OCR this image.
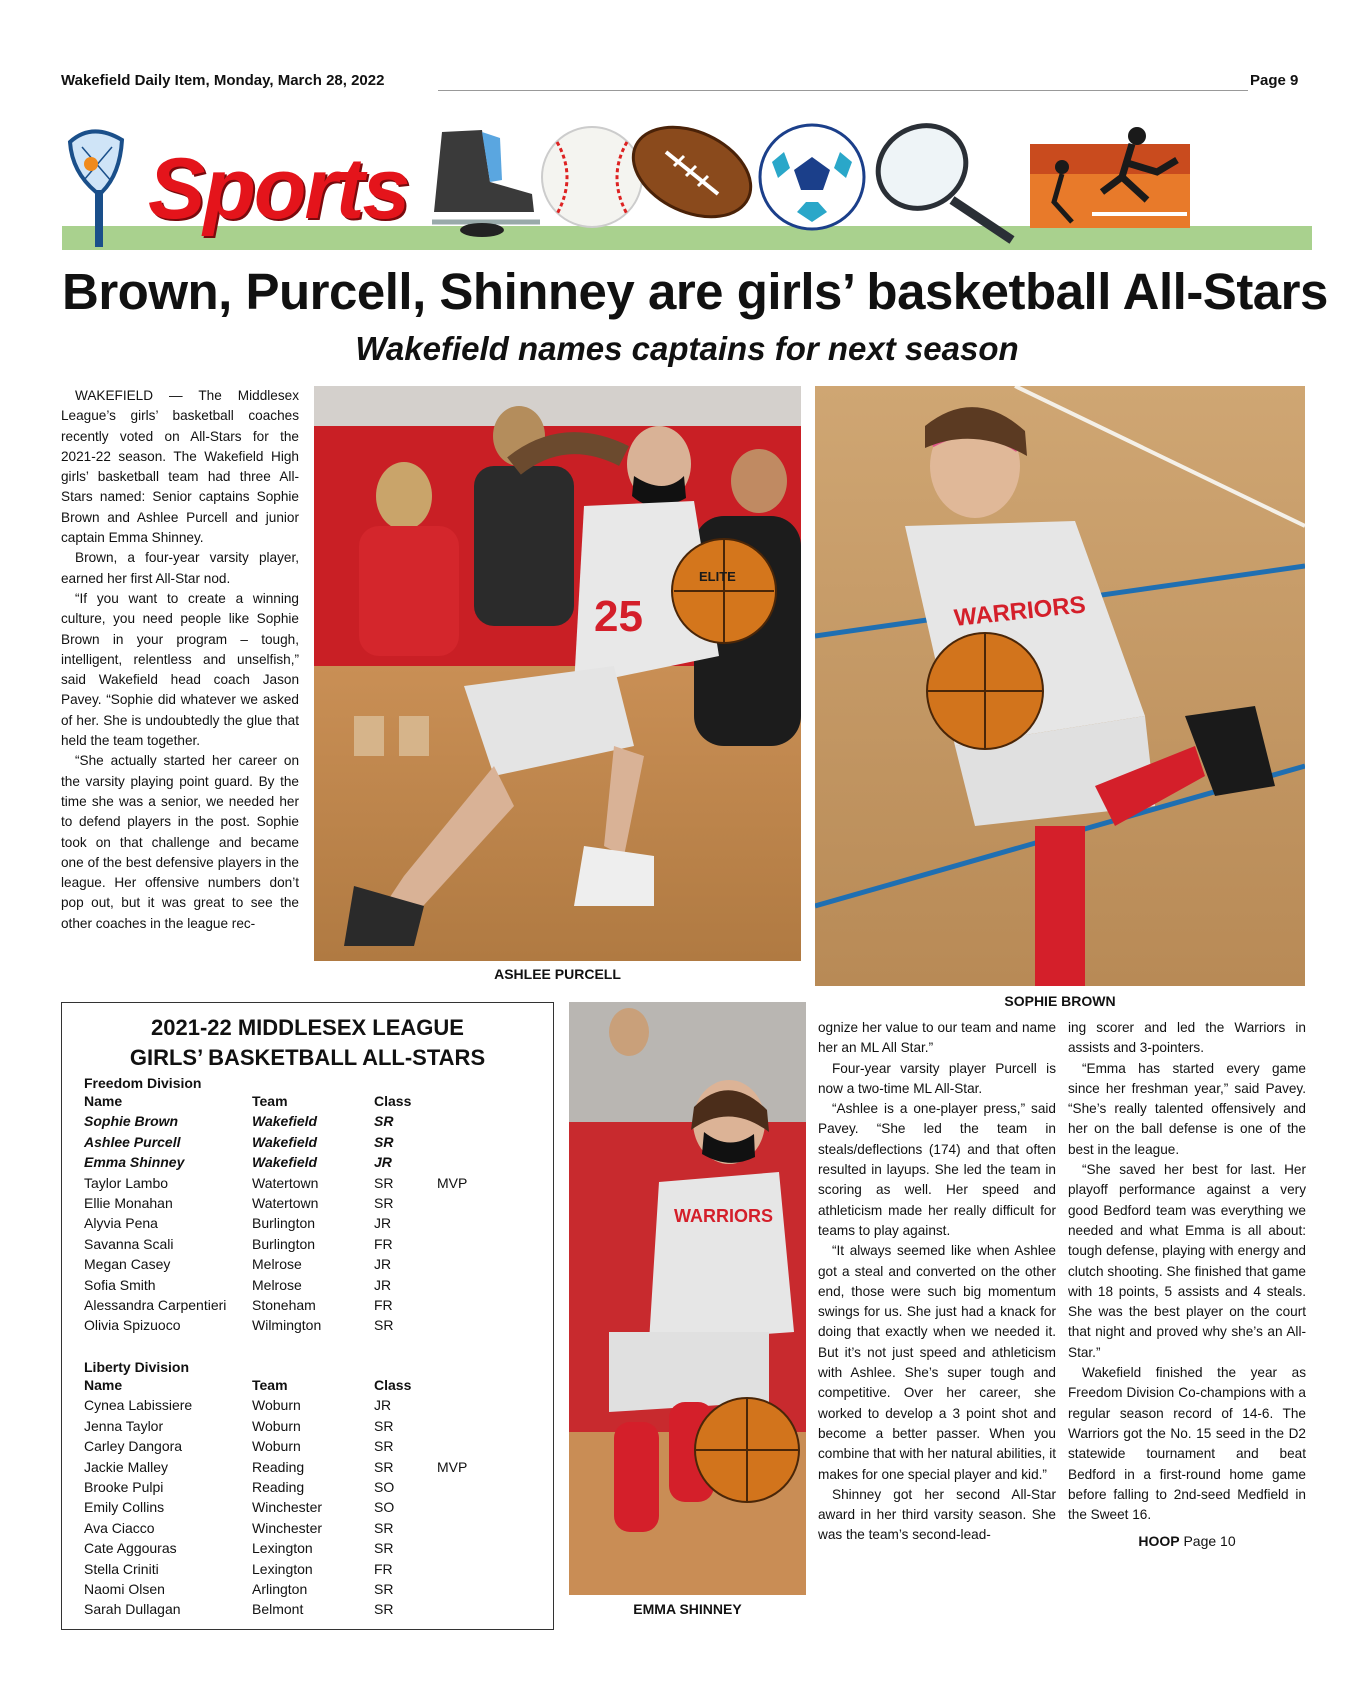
Wakefield Daily Item, Monday, March 28, 2022	Page 9
Sports
Brown, Purcell, Shinney are girls’ basketball All-Stars
Wakefield names captains for next season

WAKEFIELD — The Middlesex League’s girls’ basketball coaches recently voted on All-Stars for the 2021-22 season. The Wakefield High girls’ basketball team had three All-Stars named: Senior captains Sophie Brown and Ashlee Purcell and junior captain Emma Shinney.

Brown, a four-year varsity player, earned her first All-Star nod.

“If you want to create a winning culture, you need people like Sophie Brown in your program – tough, intelligent, relentless and unselfish,” said Wakefield head coach Jason Pavey. “Sophie did whatever we asked of her. She is undoubtedly the glue that held the team together.

“She actually started her career on the varsity playing point guard. By the time she was a senior, we needed her to defend players in the post. Sophie took on that challenge and became one of the best defensive players in the league. Her offensive numbers don’t pop out, but it was great to see the other coaches in the league rec-

25
ELITE
ASHLEE PURCELL
WARRIORS
SOPHIE BROWN
2021-22 MIDDLESEX LEAGUE
GIRLS’ BASKETBALL ALL-STARS
Freedom Division
Name	Team	Class	
Sophie Brown	Wakefield	SR	
Ashlee Purcell	Wakefield	SR	
Emma Shinney	Wakefield	JR	
Taylor Lambo	Watertown	SR	MVP
Ellie Monahan	Watertown	SR	
Alyvia Pena	Burlington	JR	
Savanna Scali	Burlington	FR	
Megan Casey	Melrose	JR	
Sofia Smith	Melrose	JR	
Alessandra Carpentieri	Stoneham	FR	
Olivia Spizuoco	Wilmington	SR	
Liberty Division
Name	Team	Class	
Cynea Labissiere	Woburn	JR	
Jenna Taylor	Woburn	SR	
Carley Dangora	Woburn	SR	
Jackie Malley	Reading	SR	MVP
Brooke Pulpi	Reading	SO	
Emily Collins	Winchester	SO	
Ava Ciacco	Winchester	SR	
Cate Aggouras	Lexington	SR	
Stella Criniti	Lexington	FR	
Naomi Olsen	Arlington	SR	
Sarah Dullagan	Belmont	SR	
WARRIORS
EMMA SHINNEY

ognize her value to our team and name her an ML All Star.”

Four-year varsity player Purcell is now a two-time ML All-Star.

“Ashlee is a one-player press,” said Pavey. “She led the team in steals/deflections (174) and that often resulted in layups. She led the team in scoring as well. Her speed and athleticism made her really difficult for teams to play against.

“It always seemed like when Ashlee got a steal and converted on the other end, those were such big momentum swings for us. She just had a knack for doing that exactly when we needed it. But it’s not just speed and athleticism with Ashlee. She’s super tough and competitive. Over her career, she worked to develop a 3 point shot and become a better passer. When you combine that with her natural abilities, it makes for one special player and kid.”

Shinney got her second All-Star award in her third varsity season. She was the team’s second-lead-

ing scorer and led the Warriors in assists and 3-pointers.

“Emma has started every game since her freshman year,” said Pavey. “She’s really talented offensively and her on the ball defense is one of the best in the league.

“She saved her best for last. Her playoff performance against a very good Bedford team was everything we needed and what Emma is all about: tough defense, playing with energy and clutch shooting. She finished that game with 18 points, 5 assists and 4 steals. She was the best player on the court that night and proved why she’s an All-Star.”

Wakefield finished the year as Freedom Division Co-champions with a regular season record of 14-6. The Warriors got the No. 15 seed in the D2 statewide tournament and beat Bedford in a first-round home game before falling to 2nd-seed Medfield in the Sweet 16.

HOOP Page 10
